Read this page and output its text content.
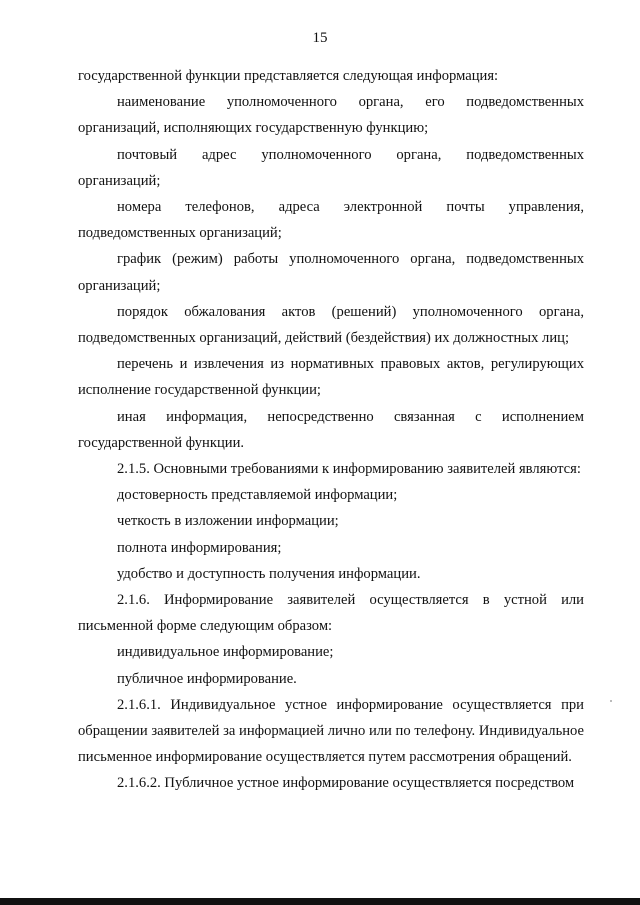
15

государственной функции представляется следующая информация:

наименование уполномоченного органа, его подведомственных организаций, исполняющих государственную функцию;

почтовый адрес уполномоченного органа, подведомственных организаций;

номера телефонов, адреса электронной почты управления, подведомственных организаций;

график (режим) работы уполномоченного органа, подведомственных организаций;

порядок обжалования актов (решений) уполномоченного органа, подведомственных организаций, действий (бездействия) их должностных лиц;

перечень и извлечения из нормативных правовых актов, регулирующих исполнение государственной функции;

иная информация, непосредственно связанная с исполнением государственной функции.

2.1.5. Основными требованиями к информированию заявителей являются:

достоверность представляемой информации;

четкость в изложении информации;

полнота информирования;

удобство и доступность получения информации.

2.1.6. Информирование заявителей осуществляется в устной или письменной форме следующим образом:

индивидуальное информирование;

публичное информирование.

2.1.6.1. Индивидуальное устное информирование осуществляется при обращении заявителей за информацией лично или по телефону. Индивидуальное письменное информирование осуществляется путем рассмотрения обращений.

2.1.6.2. Публичное устное информирование осуществляется посредством
